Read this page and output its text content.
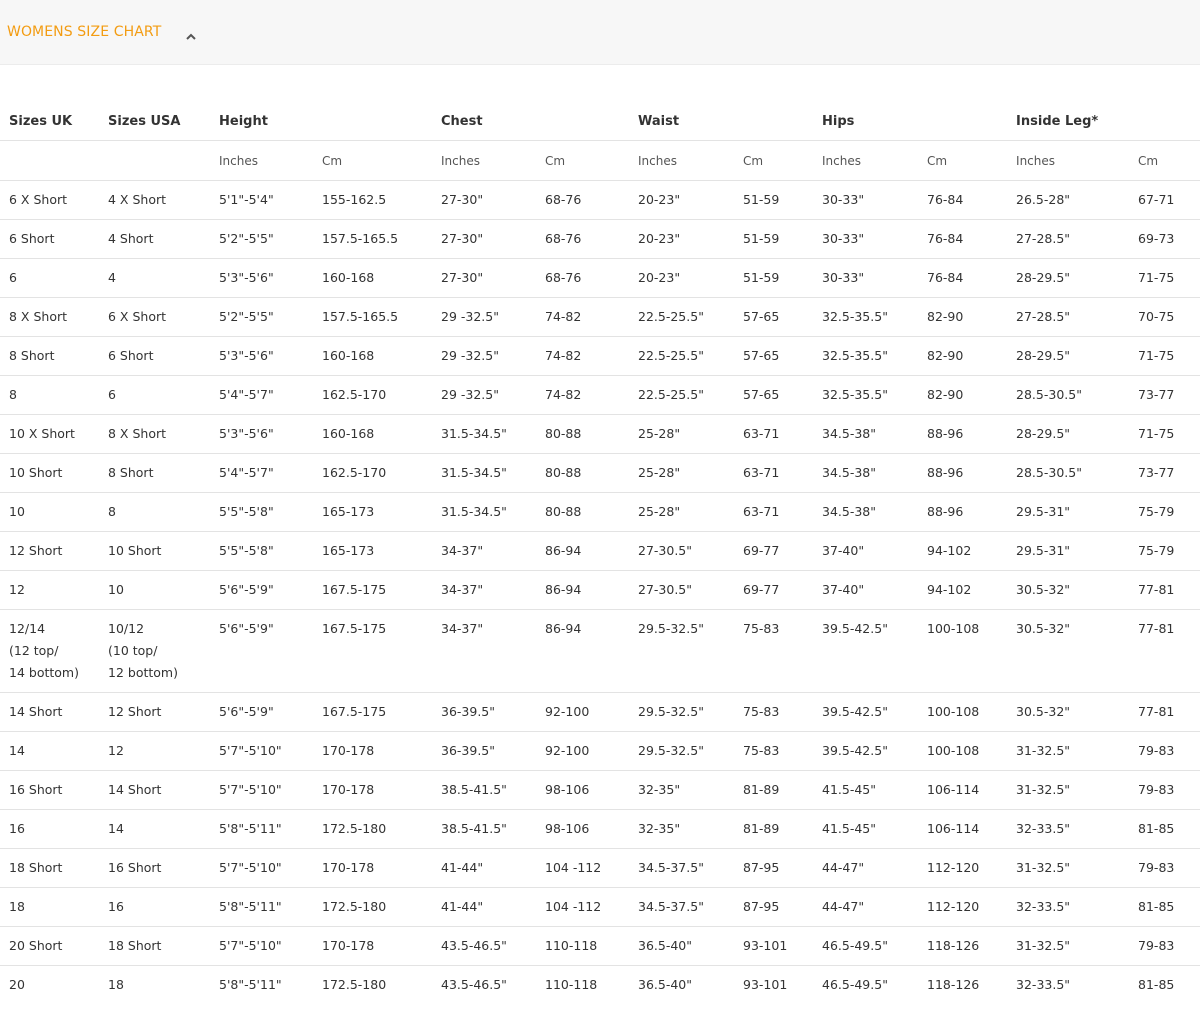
WOMENS SIZE CHART
Sizes UK	Sizes USA	Height		Chest		Waist		Hips		Inside Leg*	
		Inches	Cm	Inches	Cm	Inches	Cm	Inches	Cm	Inches	Cm
6 X Short	4 X Short	5'1"-5'4"	155-162.5	27-30"	68-76	20-23"	51-59	30-33"	76-84	26.5-28"	67-71
6 Short	4 Short	5'2"-5'5"	157.5-165.5	27-30"	68-76	20-23"	51-59	30-33"	76-84	27-28.5"	69-73
6	4	5'3"-5'6"	160-168	27-30"	68-76	20-23"	51-59	30-33"	76-84	28-29.5"	71-75
8 X Short	6 X Short	5'2"-5'5"	157.5-165.5	29 -32.5"	74-82	22.5-25.5"	57-65	32.5-35.5"	82-90	27-28.5"	70-75
8 Short	6 Short	5'3"-5'6"	160-168	29 -32.5"	74-82	22.5-25.5"	57-65	32.5-35.5"	82-90	28-29.5"	71-75
8	6	5'4"-5'7"	162.5-170	29 -32.5"	74-82	22.5-25.5"	57-65	32.5-35.5"	82-90	28.5-30.5"	73-77
10 X Short	8 X Short	5'3"-5'6"	160-168	31.5-34.5"	80-88	25-28"	63-71	34.5-38"	88-96	28-29.5"	71-75
10 Short	8 Short	5'4"-5'7"	162.5-170	31.5-34.5"	80-88	25-28"	63-71	34.5-38"	88-96	28.5-30.5"	73-77
10	8	5'5"-5'8"	165-173	31.5-34.5"	80-88	25-28"	63-71	34.5-38"	88-96	29.5-31"	75-79
12 Short	10 Short	5'5"-5'8"	165-173	34-37"	86-94	27-30.5"	69-77	37-40"	94-102	29.5-31"	75-79
12	10	5'6"-5'9"	167.5-175	34-37"	86-94	27-30.5"	69-77	37-40"	94-102	30.5-32"	77-81
12/14
(12 top/
14 bottom)	10/12
(10 top/
12 bottom)	5'6"-5'9"	167.5-175	34-37"	86-94	29.5-32.5"	75-83	39.5-42.5"	100-108	30.5-32"	77-81
14 Short	12 Short	5'6"-5'9"	167.5-175	36-39.5"	92-100	29.5-32.5"	75-83	39.5-42.5"	100-108	30.5-32"	77-81
14	12	5'7"-5'10"	170-178	36-39.5"	92-100	29.5-32.5"	75-83	39.5-42.5"	100-108	31-32.5"	79-83
16 Short	14 Short	5'7"-5'10"	170-178	38.5-41.5"	98-106	32-35"	81-89	41.5-45"	106-114	31-32.5"	79-83
16	14	5'8"-5'11"	172.5-180	38.5-41.5"	98-106	32-35"	81-89	41.5-45"	106-114	32-33.5"	81-85
18 Short	16 Short	5'7"-5'10"	170-178	41-44"	104 -112	34.5-37.5"	87-95	44-47"	112-120	31-32.5"	79-83
18	16	5'8"-5'11"	172.5-180	41-44"	104 -112	34.5-37.5"	87-95	44-47"	112-120	32-33.5"	81-85
20 Short	18 Short	5'7"-5'10"	170-178	43.5-46.5"	110-118	36.5-40"	93-101	46.5-49.5"	118-126	31-32.5"	79-83
20	18	5'8"-5'11"	172.5-180	43.5-46.5"	110-118	36.5-40"	93-101	46.5-49.5"	118-126	32-33.5"	81-85
